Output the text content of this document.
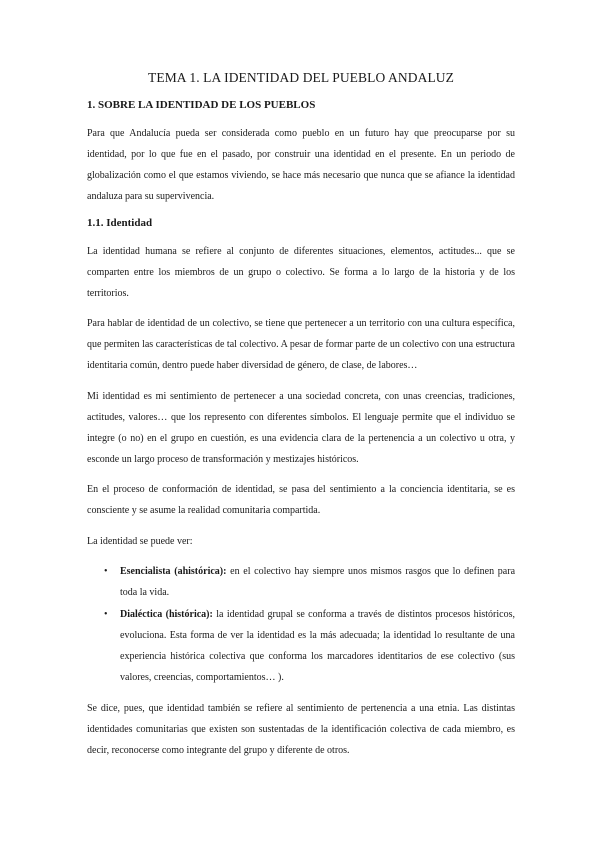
TEMA 1. LA IDENTIDAD DEL PUEBLO ANDALUZ
1. SOBRE LA IDENTIDAD DE LOS PUEBLOS

Para que Andalucía pueda ser considerada como pueblo en un futuro hay que preocuparse por su identidad, por lo que fue en el pasado, por construir una identidad en el presente. En un periodo de globalización como el que estamos viviendo, se hace más necesario que nunca que se afiance la identidad andaluza para su supervivencia.

1.1. Identidad

La identidad humana se refiere al conjunto de diferentes situaciones, elementos, actitudes... que se comparten entre los miembros de un grupo o colectivo. Se forma a lo largo de la historia y de los territorios.

Para hablar de identidad de un colectivo, se tiene que pertenecer a un territorio con una cultura específica, que permiten las características de tal colectivo. A pesar de formar parte de un colectivo con una estructura identitaria común, dentro puede haber diversidad de género, de clase, de labores…

Mi identidad es mi sentimiento de pertenecer a una sociedad concreta, con unas creencias, tradiciones, actitudes, valores… que los represento con diferentes símbolos. El lenguaje permite que el individuo se integre (o no) en el grupo en cuestión, es una evidencia clara de la pertenencia a un colectivo u otra, y esconde un largo proceso de transformación y mestizajes históricos.

En el proceso de conformación de identidad, se pasa del sentimiento a la conciencia identitaria, se es consciente y se asume la realidad comunitaria compartida.

La identidad se puede ver:

• Esencialista (ahistórica): en el colectivo hay siempre unos mismos rasgos que lo definen para toda la vida.
• Dialéctica (histórica): la identidad grupal se conforma a través de distintos procesos históricos, evoluciona. Esta forma de ver la identidad es la más adecuada; la identidad lo resultante de una experiencia histórica colectiva que conforma los marcadores identitarios de ese colectivo (sus valores, creencias, comportamientos… ).

Se dice, pues, que identidad también se refiere al sentimiento de pertenencia a una etnia. Las distintas identidades comunitarias que existen son sustentadas de la identificación colectiva de cada miembro, es decir, reconocerse como integrante del grupo y diferente de otros.
